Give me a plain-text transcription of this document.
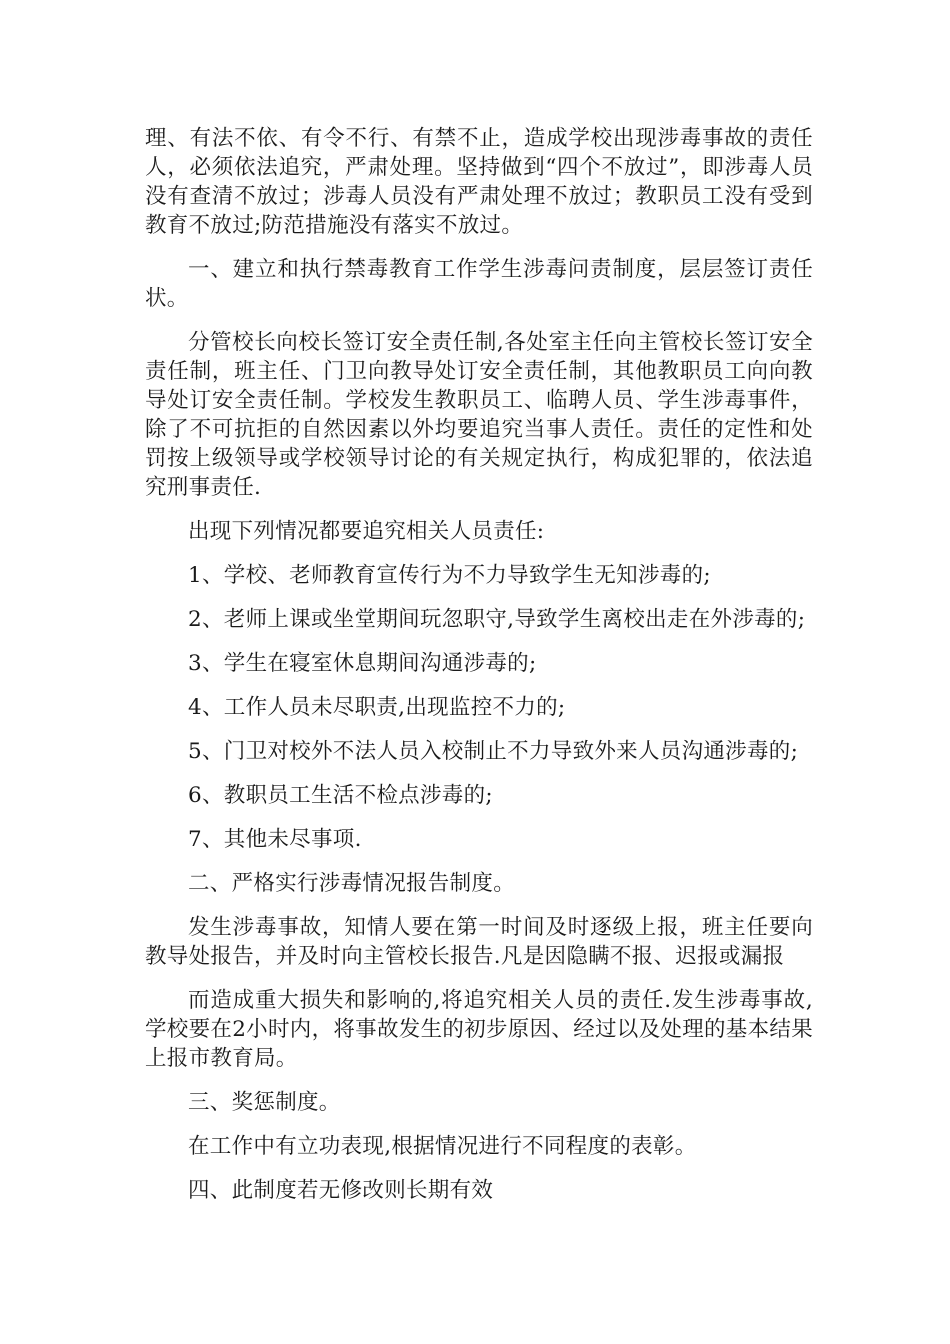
理、有法不依、有令不行、有禁不止，造成学校出现涉毒事故的责任人，必须依法追究，严肃处理。坚持做到“四个不放过”，即涉毒人员没有查清不放过；涉毒人员没有严肃处理不放过；教职员工没有受到教育不放过;防范措施没有落实不放过。

一、建立和执行禁毒教育工作学生涉毒问责制度，层层签订责任状。

分管校长向校长签订安全责任制,各处室主任向主管校长签订安全责任制，班主任、门卫向教导处订安全责任制，其他教职员工向向教导处订安全责任制。学校发生教职员工、临聘人员、学生涉毒事件，除了不可抗拒的自然因素以外均要追究当事人责任。责任的定性和处罚按上级领导或学校领导讨论的有关规定执行，构成犯罪的，依法追究刑事责任.

出现下列情况都要追究相关人员责任:

1、学校、老师教育宣传行为不力导致学生无知涉毒的;

2、老师上课或坐堂期间玩忽职守,导致学生离校出走在外涉毒的;

3、学生在寝室休息期间沟通涉毒的;

4、工作人员未尽职责,出现监控不力的;

5、门卫对校外不法人员入校制止不力导致外来人员沟通涉毒的;

6、教职员工生活不检点涉毒的;

7、其他未尽事项.

二、严格实行涉毒情况报告制度。

发生涉毒事故，知情人要在第一时间及时逐级上报，班主任要向教导处报告，并及时向主管校长报告.凡是因隐瞒不报、迟报或漏报

而造成重大损失和影响的,将追究相关人员的责任.发生涉毒事故,学校要在2小时内，将事故发生的初步原因、经过以及处理的基本结果上报市教育局。

三、奖惩制度。

在工作中有立功表现,根据情况进行不同程度的表彰。

四、此制度若无修改则长期有效
